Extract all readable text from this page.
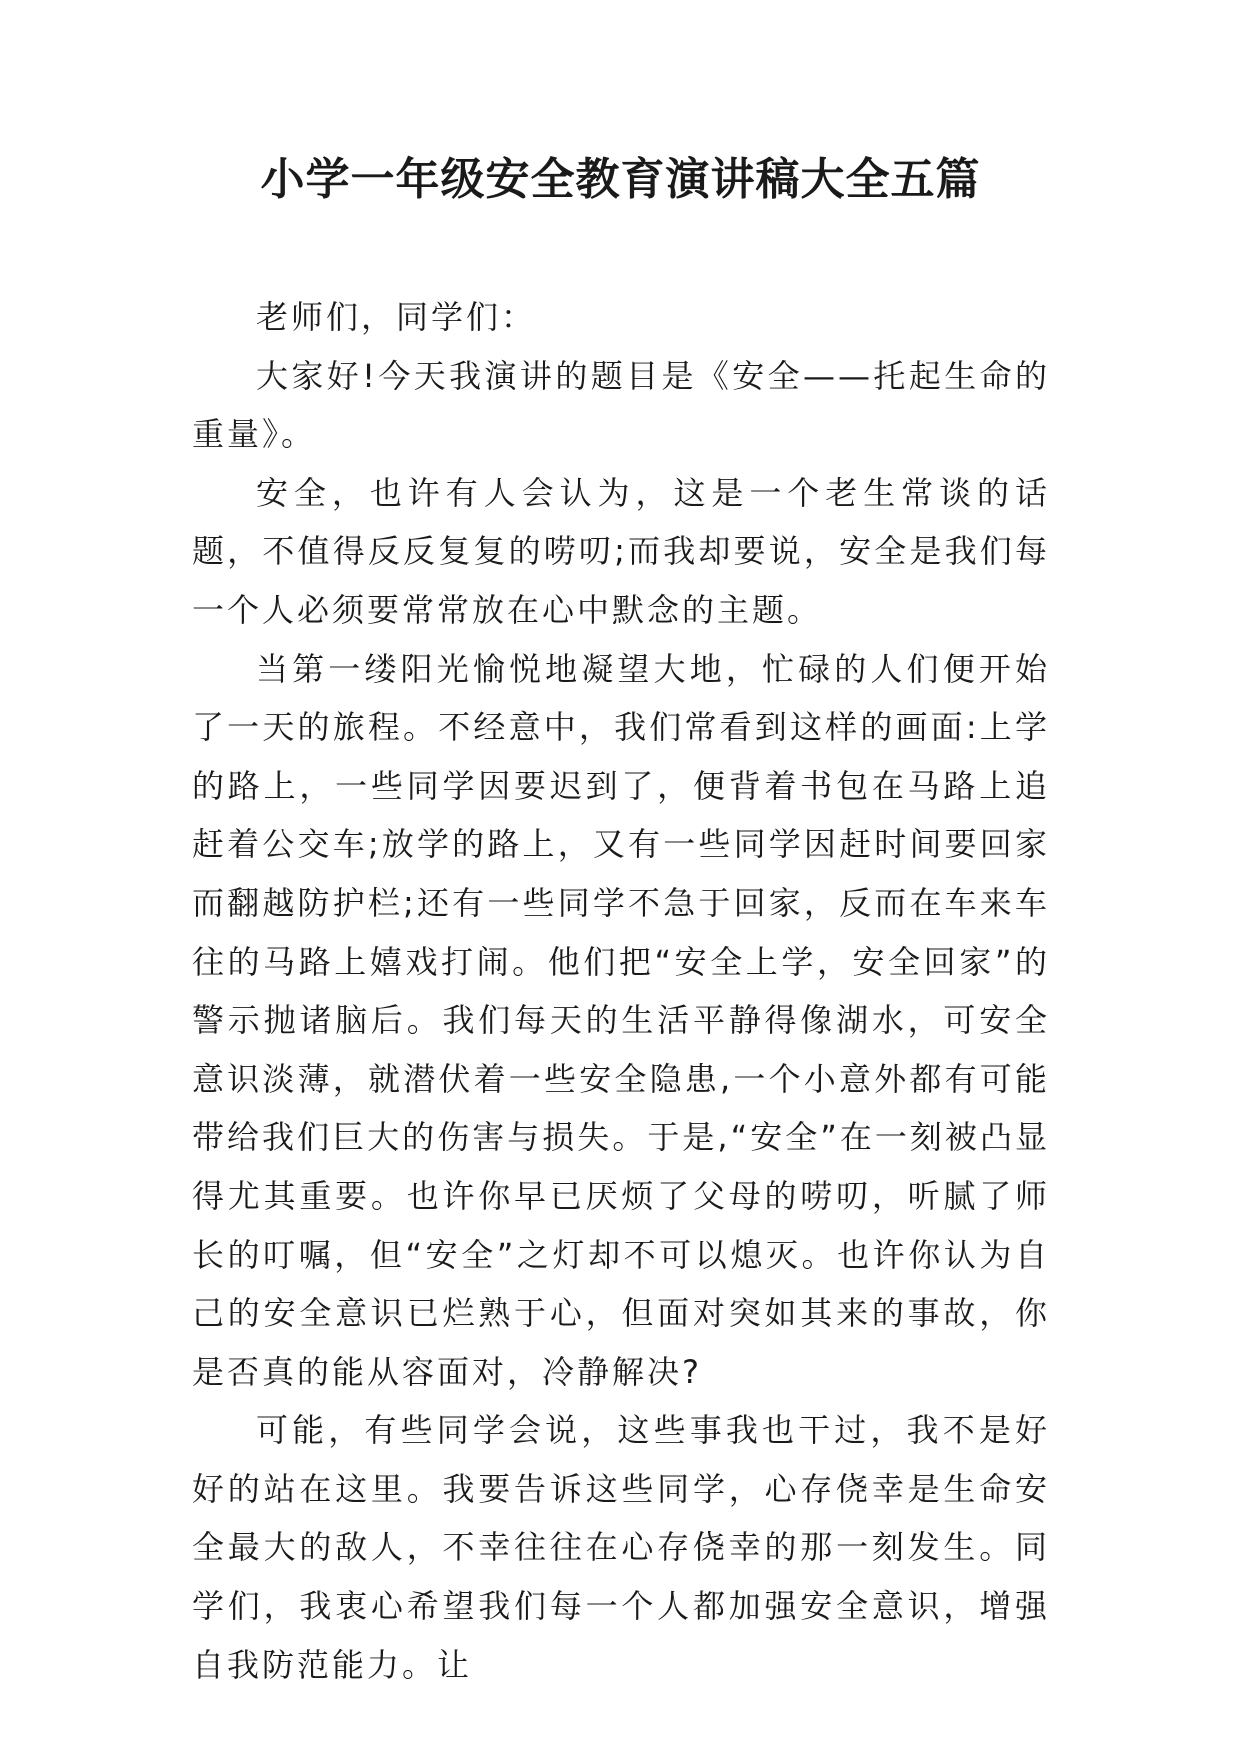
小学一年级安全教育演讲稿大全五篇

老师们，同学们：

大家好!今天我演讲的题目是《安全——托起生命的重量》。

安全，也许有人会认为，这是一个老生常谈的话题，不值得反反复复的唠叨;而我却要说，安全是我们每一个人必须要常常放在心中默念的主题。

当第一缕阳光愉悦地凝望大地，忙碌的人们便开始了一天的旅程。不经意中，我们常看到这样的画面:上学的路上，一些同学因要迟到了，便背着书包在马路上追赶着公交车;放学的路上，又有一些同学因赶时间要回家而翻越防护栏;还有一些同学不急于回家，反而在车来车往的马路上嬉戏打闹。他们把“安全上学，安全回家”的警示抛诸脑后。我们每天的生活平静得像湖水，可安全意识淡薄，就潜伏着一些安全隐患,一个小意外都有可能带给我们巨大的伤害与损失。于是,“安全”在一刻被凸显得尤其重要。也许你早已厌烦了父母的唠叨，听腻了师长的叮嘱，但“安全”之灯却不可以熄灭。也许你认为自己的安全意识已烂熟于心，但面对突如其来的事故，你是否真的能从容面对，冷静解决?

可能，有些同学会说，这些事我也干过，我不是好好的站在这里。我要告诉这些同学，心存侥幸是生命安全最大的敌人，不幸往往在心存侥幸的那一刻发生。同学们，我衷心希望我们每一个人都加强安全意识，增强自我防范能力。让
